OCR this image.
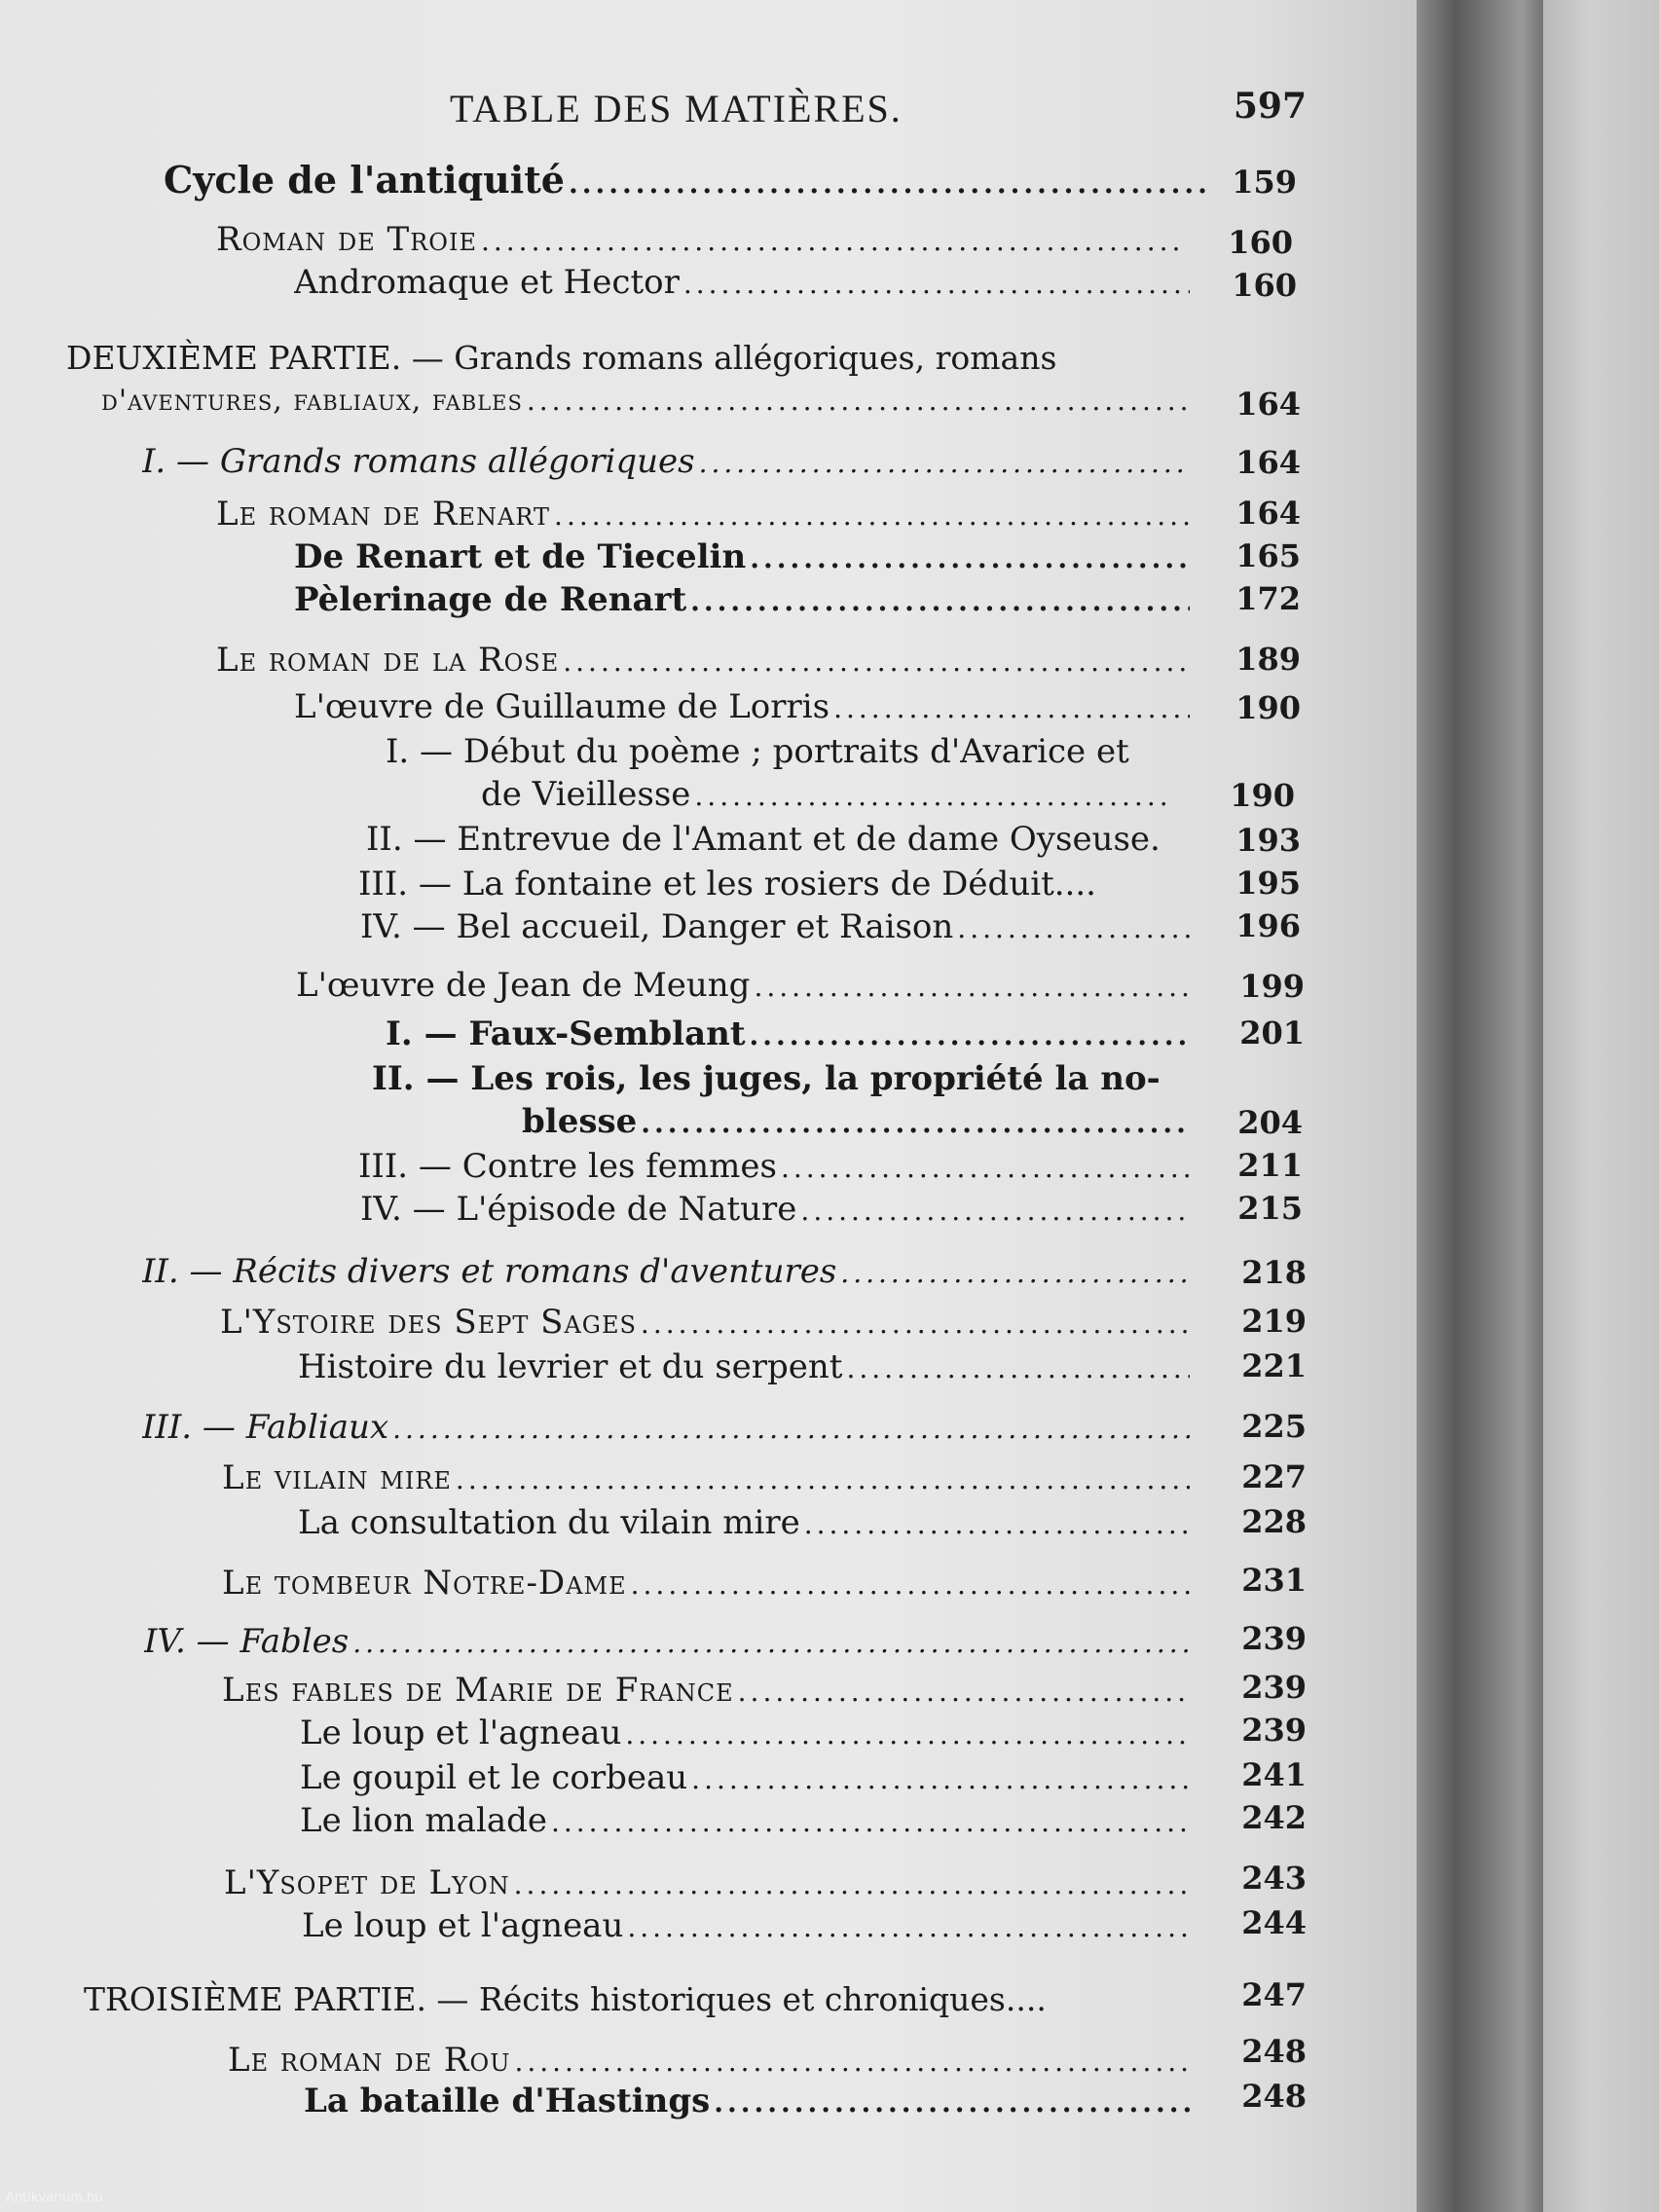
TABLE DES MATIÈRES.	597
Cycle de l'antiquité .....	159
Roman de Troie .....	160
Andromaque et Hector .....	160
DEUXIÈME PARTIE. — Grands romans allégoriques, romans
d'aventures, fabliaux, fables .....	164
I. — Grands romans allégoriques .....	164
Le roman de Renart .....	164
De Renart et de Tiecelin .....	165
Pèlerinage de Renart .....	172
Le roman de la Rose .....	189
L'œuvre de Guillaume de Lorris .....	190
I. — Début du poème ; portraits d'Avarice et
de Vieillesse .....	190
II. — Entrevue de l'Amant et de dame Oyseuse.	193
III. — La fontaine et les rosiers de Déduit....	195
IV. — Bel accueil, Danger et Raison .....	196
L'œuvre de Jean de Meung .....	199
I. — Faux-Semblant .....	201
II. — Les rois, les juges, la propriété la no-
blesse .....	204
III. — Contre les femmes .....	211
IV. — L'épisode de Nature .....	215
II. — Récits divers et romans d'aventures .....	218
L'Ystoire des Sept Sages .....	219
Histoire du levrier et du serpent .....	221
III. — Fabliaux .....	225
Le vilain mire .....	227
La consultation du vilain mire .....	228
Le tombeur Notre-Dame .....	231
IV. — Fables .....	239
Les fables de Marie de France .....	239
Le loup et l'agneau .....	239
Le goupil et le corbeau .....	241
Le lion malade .....	242
L'Ysopet de Lyon .....	243
Le loup et l'agneau .....	244
TROISIÈME PARTIE. — Récits historiques et chroniques....	247
Le roman de Rou .....	248
La bataille d'Hastings .....	248
Antikvarium.hu
